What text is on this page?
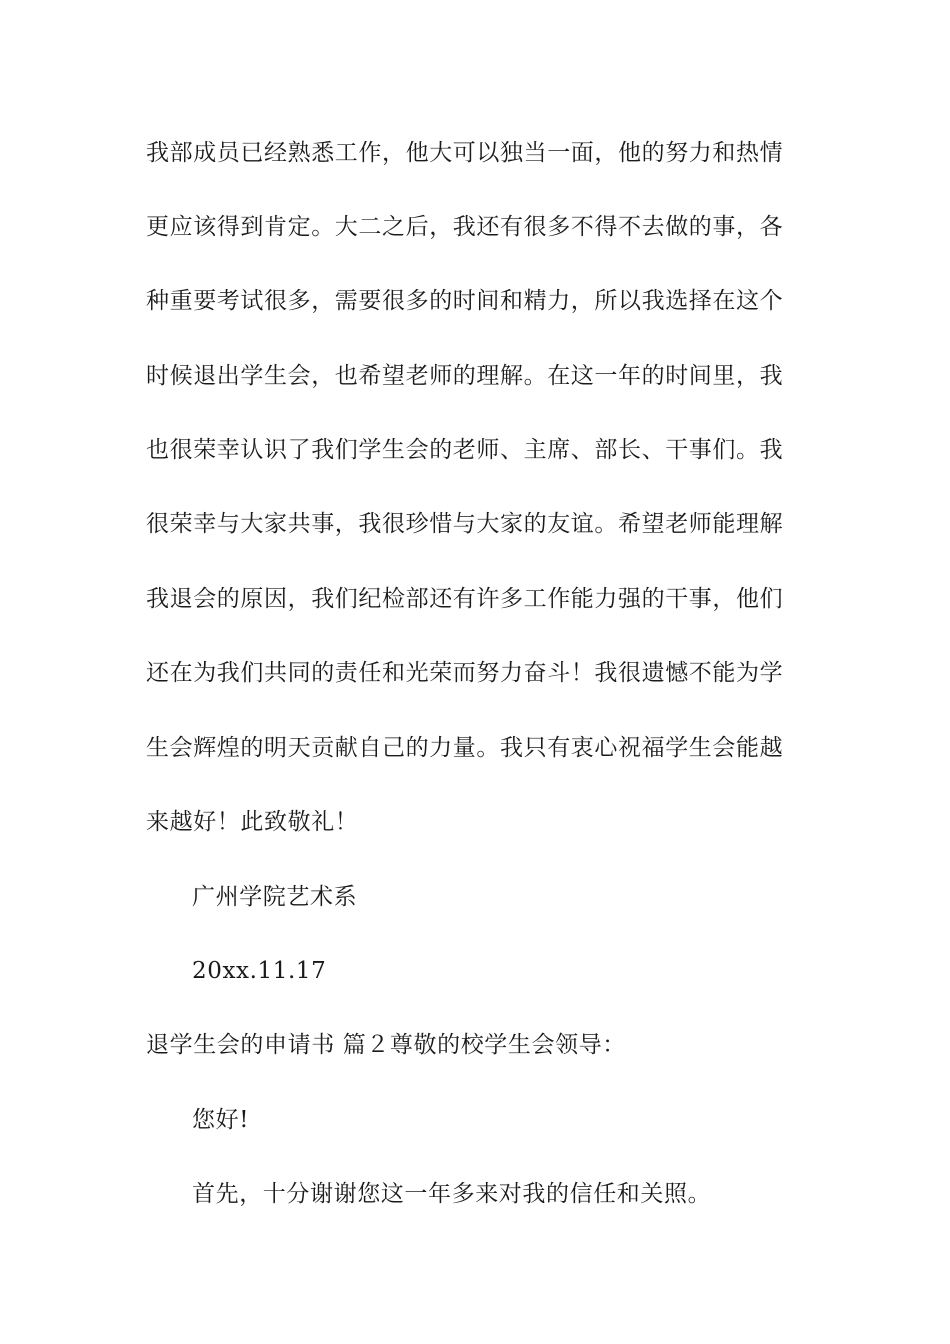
我部成员已经熟悉工作，他大可以独当一面，他的努力和热情
更应该得到肯定。大二之后，我还有很多不得不去做的事，各
种重要考试很多，需要很多的时间和精力，所以我选择在这个
时候退出学生会，也希望老师的理解。在这一年的时间里，我
也很荣幸认识了我们学生会的老师、主席、部长、干事们。我
很荣幸与大家共事，我很珍惜与大家的友谊。希望老师能理解
我退会的原因，我们纪检部还有许多工作能力强的干事，他们
还在为我们共同的责任和光荣而努力奋斗！我很遗憾不能为学
生会辉煌的明天贡献自己的力量。我只有衷心祝福学生会能越
来越好！此致敬礼！
广州学院艺术系
20xx.11.17
退学生会的申请书 篇２尊敬的校学生会领导：
您好!
首先，十分谢谢您这一年多来对我的信任和关照。
